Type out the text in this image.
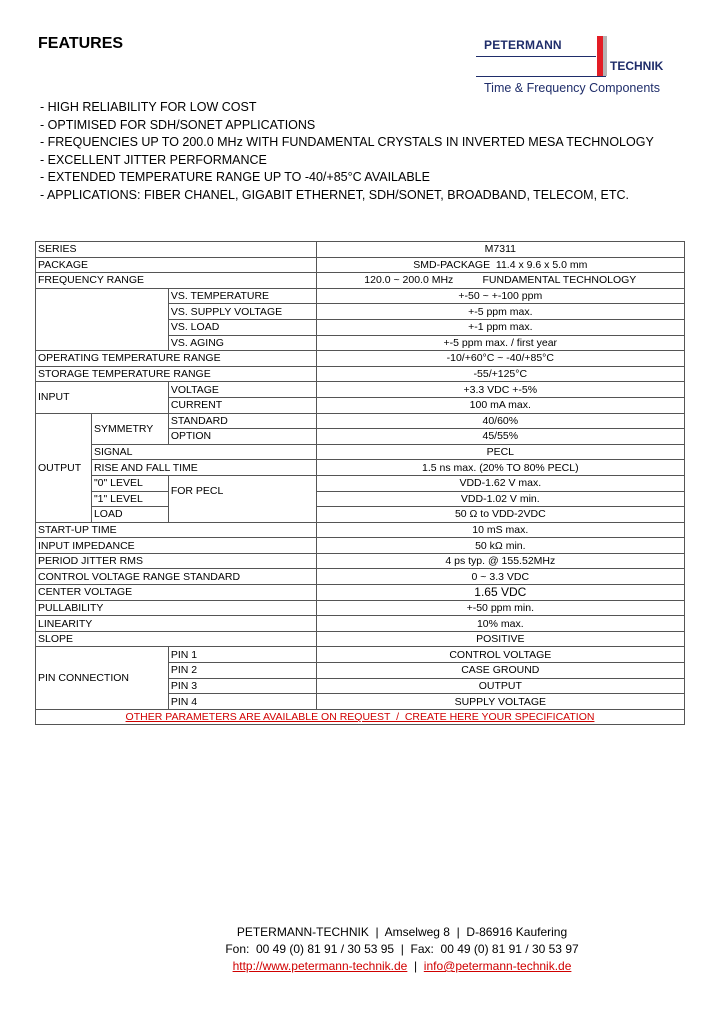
FEATURES	PETERMANN
TECHNIK
Time & Frequency Components
- HIGH RELIABILITY FOR LOW COST
- OPTIMISED FOR SDH/SONET APPLICATIONS
- FREQUENCIES UP TO 200.0 MHz WITH FUNDAMENTAL CRYSTALS IN INVERTED MESA TECHNOLOGY
- EXCELLENT JITTER PERFORMANCE
- EXTENDED TEMPERATURE RANGE UP TO -40/+85°C AVAILABLE
- APPLICATIONS: FIBER CHANEL, GIGABIT ETHERNET, SDH/SONET, BROADBAND, TELECOM, ETC.
SERIES			M7311
PACKAGE			SMD-PACKAGE  11.4 x 9.6 x 5.0 mm
FREQUENCY RANGE			120.0 ~ 200.0 MHz          FUNDAMENTAL TECHNOLOGY
		VS. TEMPERATURE	+-50 ~ +-100 ppm
		VS. SUPPLY VOLTAGE	+-5 ppm max.
		VS. LOAD	+-1 ppm max.
		VS. AGING	+-5 ppm max. / first year
OPERATING TEMPERATURE RANGE			-10/+60°C ~ -40/+85°C
STORAGE TEMPERATURE RANGE			-55/+125°C
INPUT		VOLTAGE	+3.3 VDC +-5%
		CURRENT	100 mA max.
OUTPUT	SYMMETRY	STANDARD	40/60%
		OPTION	45/55%
	SIGNAL		PECL
	RISE AND FALL TIME		1.5 ns max. (20% TO 80% PECL)
	"0" LEVEL	FOR PECL	VDD-1.62 V max.
	"1" LEVEL		VDD-1.02 V min.
	LOAD		50 Ω to VDD-2VDC
START-UP TIME			10 mS max.
INPUT IMPEDANCE			50 kΩ min.
PERIOD JITTER RMS			4 ps typ. @ 155.52MHz
CONTROL VOLTAGE RANGE STANDARD			0 ~ 3.3 VDC
CENTER VOLTAGE			1.65 VDC
PULLABILITY			+-50 ppm min.
LINEARITY			10% max.
SLOPE			POSITIVE
PIN CONNECTION		PIN 1	CONTROL VOLTAGE
		PIN 2	CASE GROUND
		PIN 3	OUTPUT
		PIN 4	SUPPLY VOLTAGE
OTHER PARAMETERS ARE AVAILABLE ON REQUEST  /  CREATE HERE YOUR SPECIFICATION			
PETERMANN-TECHNIK  |  Amselweg 8  |  D-86916 Kaufering
Fon:  00 49 (0) 81 91 / 30 53 95  |  Fax:  00 49 (0) 81 91 / 30 53 97
http://www.petermann-technik.de  |  info@petermann-technik.de
